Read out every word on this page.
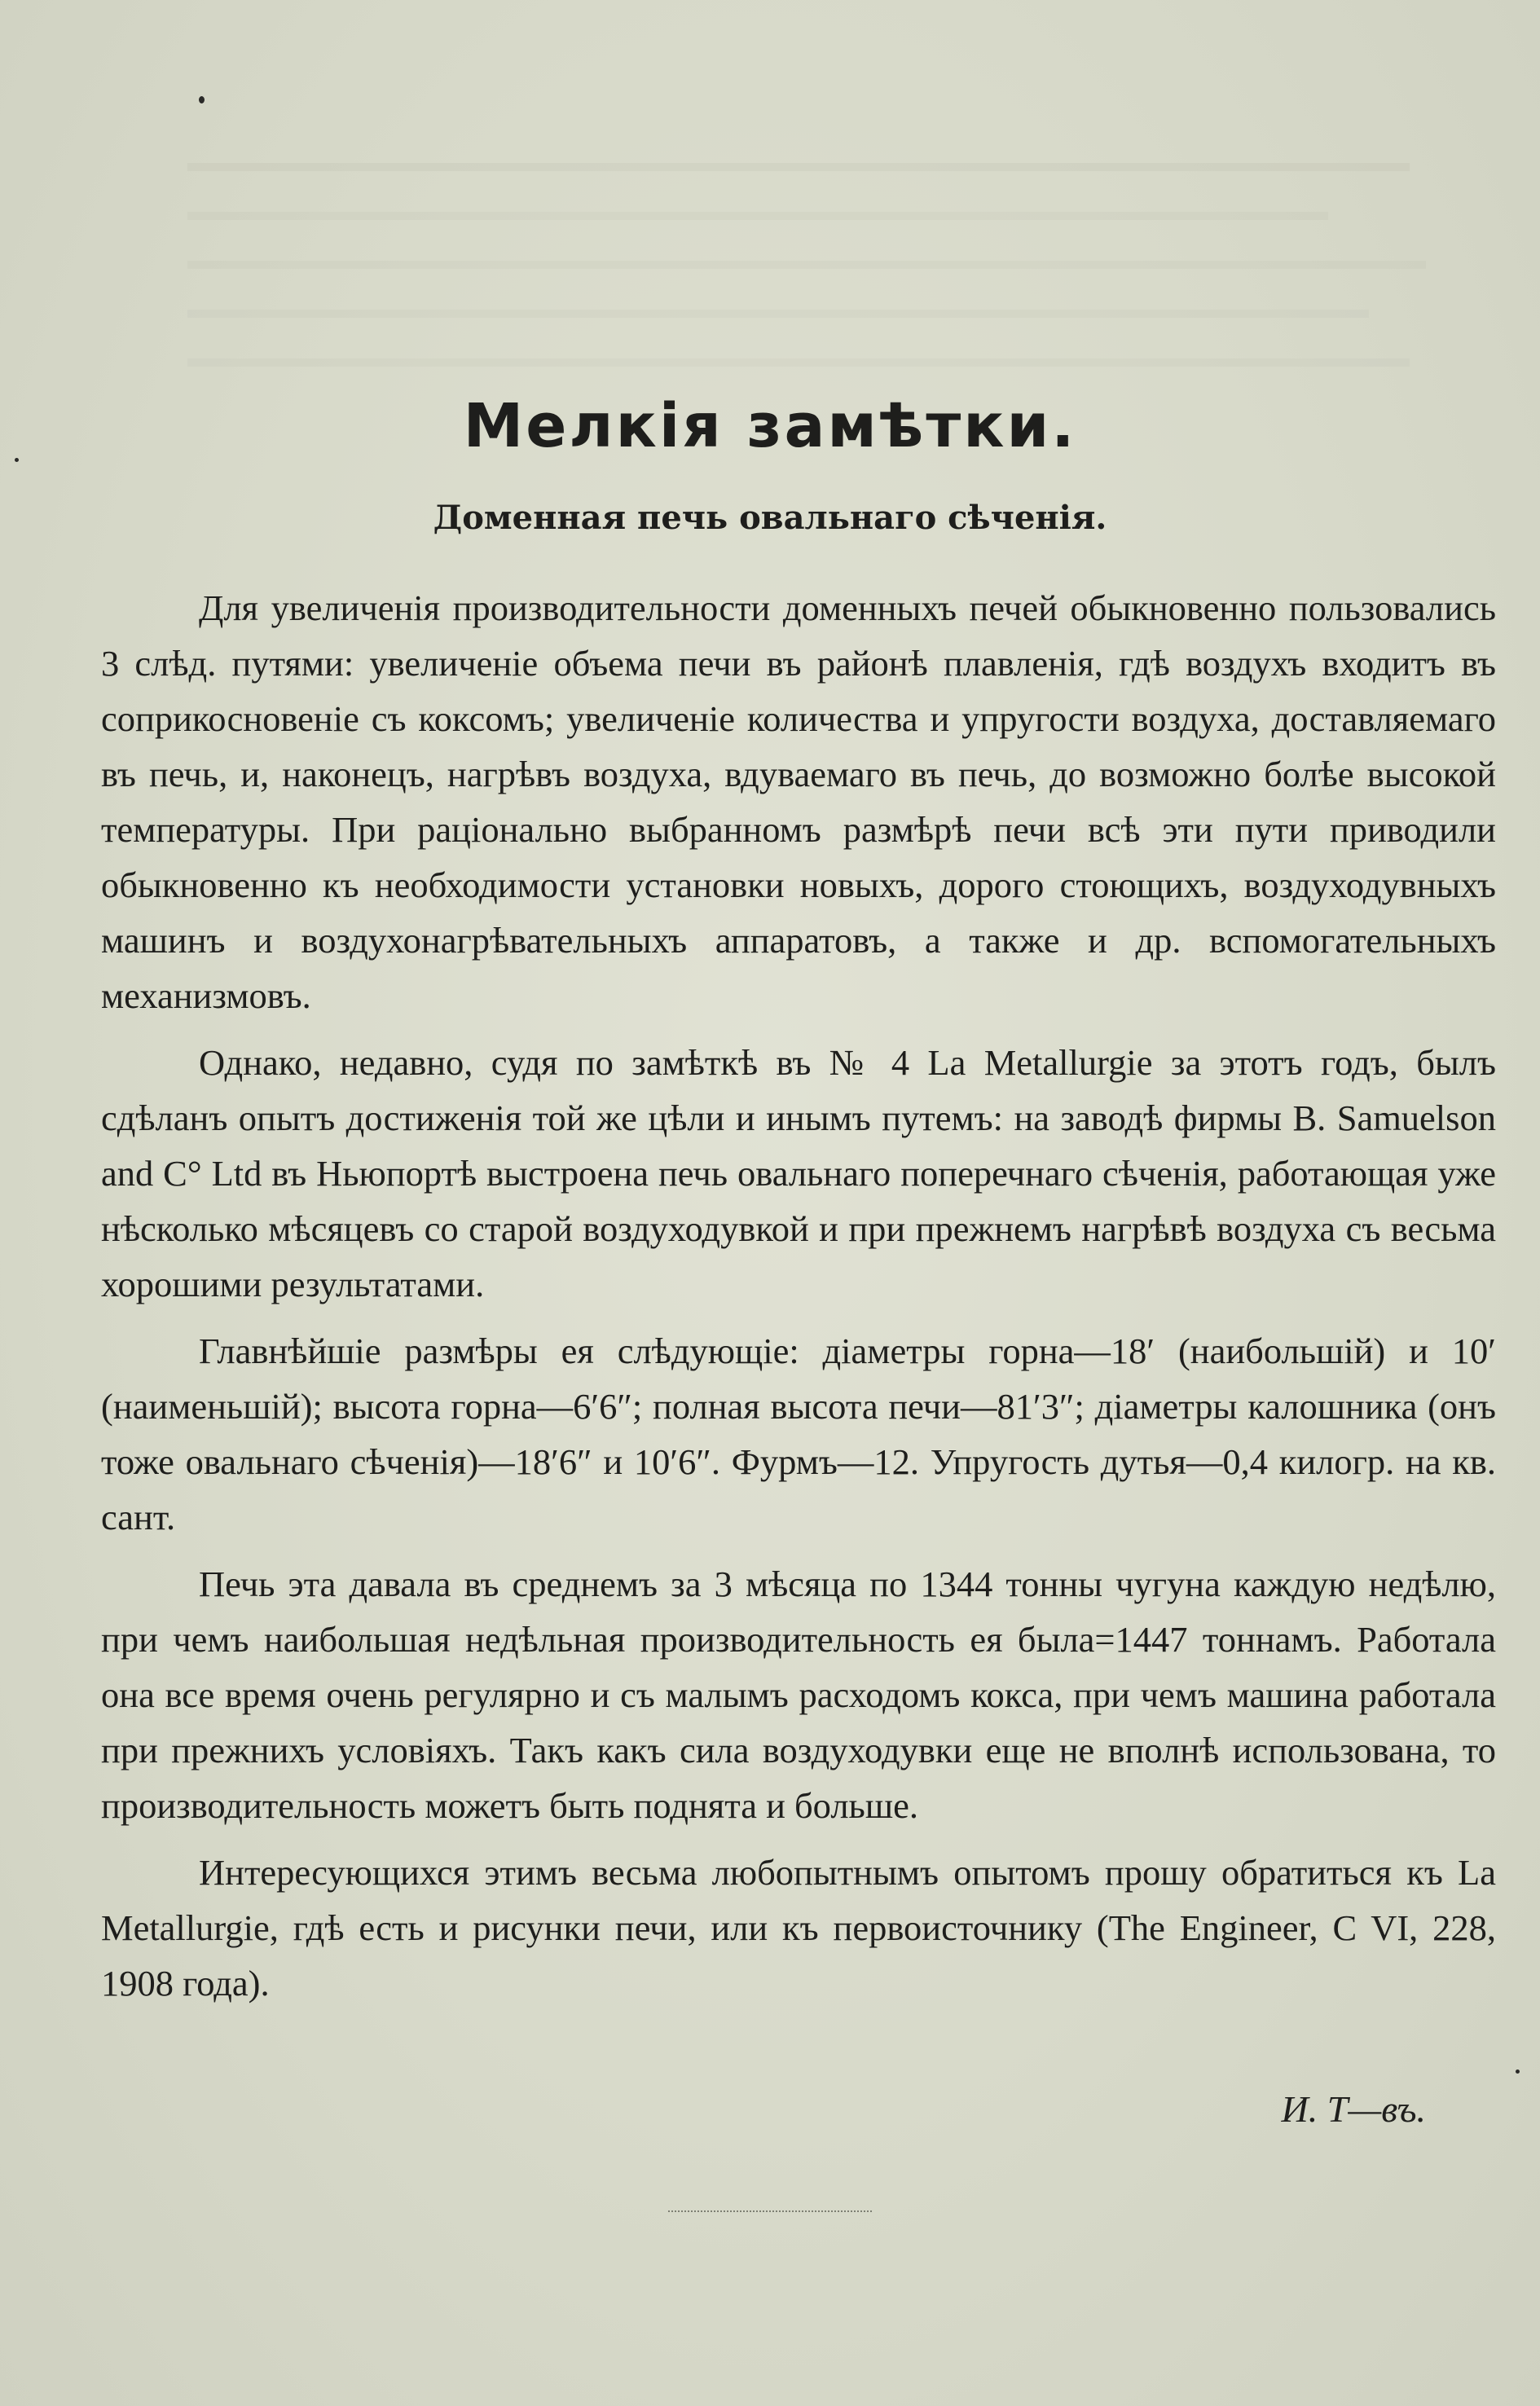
Мелкія замѣтки.
Доменная печь овальнаго сѣченія.

Для увеличенія производительности доменныхъ печей обыкновенно пользовались 3 слѣд. путями: увеличеніе объема печи въ районѣ плавленія, гдѣ воздухъ входитъ въ соприкосновеніе съ коксомъ; увеличеніе количества и упругости воздуха, доставляемаго въ печь, и, наконецъ, нагрѣвъ воздуха, вдуваемаго въ печь, до возможно болѣе высокой температуры. При раціонально выбранномъ размѣрѣ печи всѣ эти пути приводили обыкновенно къ необходимости установки новыхъ, дорого стоющихъ, воздуходувныхъ машинъ и воздухонагрѣвательныхъ аппаратовъ, а также и др. вспомогательныхъ механизмовъ.

Однако, недавно, судя по замѣткѣ въ № 4 La Metallurgie за этотъ годъ, былъ сдѣланъ опытъ достиженія той же цѣли и инымъ путемъ: на заводѣ фирмы B. Samuelson and C° Ltd въ Ньюпортѣ выстроена печь овальнаго поперечнаго сѣченія, работающая уже нѣсколько мѣсяцевъ со старой воздуходувкой и при прежнемъ нагрѣвѣ воздуха съ весьма хорошими результатами.

Главнѣйшіе размѣры ея слѣдующіе: діаметры горна—18′ (наибольшій) и 10′ (наименьшій); высота горна—6′6″; полная высота печи—81′3″; діаметры калошника (онъ тоже овальнаго сѣченія)—18′6″ и 10′6″. Фурмъ—12. Упругость дутья—0,4 килогр. на кв. сант.

Печь эта давала въ среднемъ за 3 мѣсяца по 1344 тонны чугуна каждую недѣлю, при чемъ наибольшая недѣльная производительность ея была=1447 тоннамъ. Работала она все время очень регулярно и съ малымъ расходомъ кокса, при чемъ машина работала при прежнихъ условіяхъ. Такъ какъ сила воздуходувки еще не вполнѣ использована, то производительность можетъ быть поднята и больше.

Интересующихся этимъ весьма любопытнымъ опытомъ прошу обратиться къ La Metallurgie, гдѣ есть и рисунки печи, или къ первоисточнику (The Engineer, C VI, 228, 1908 года).

И. Т—въ.
